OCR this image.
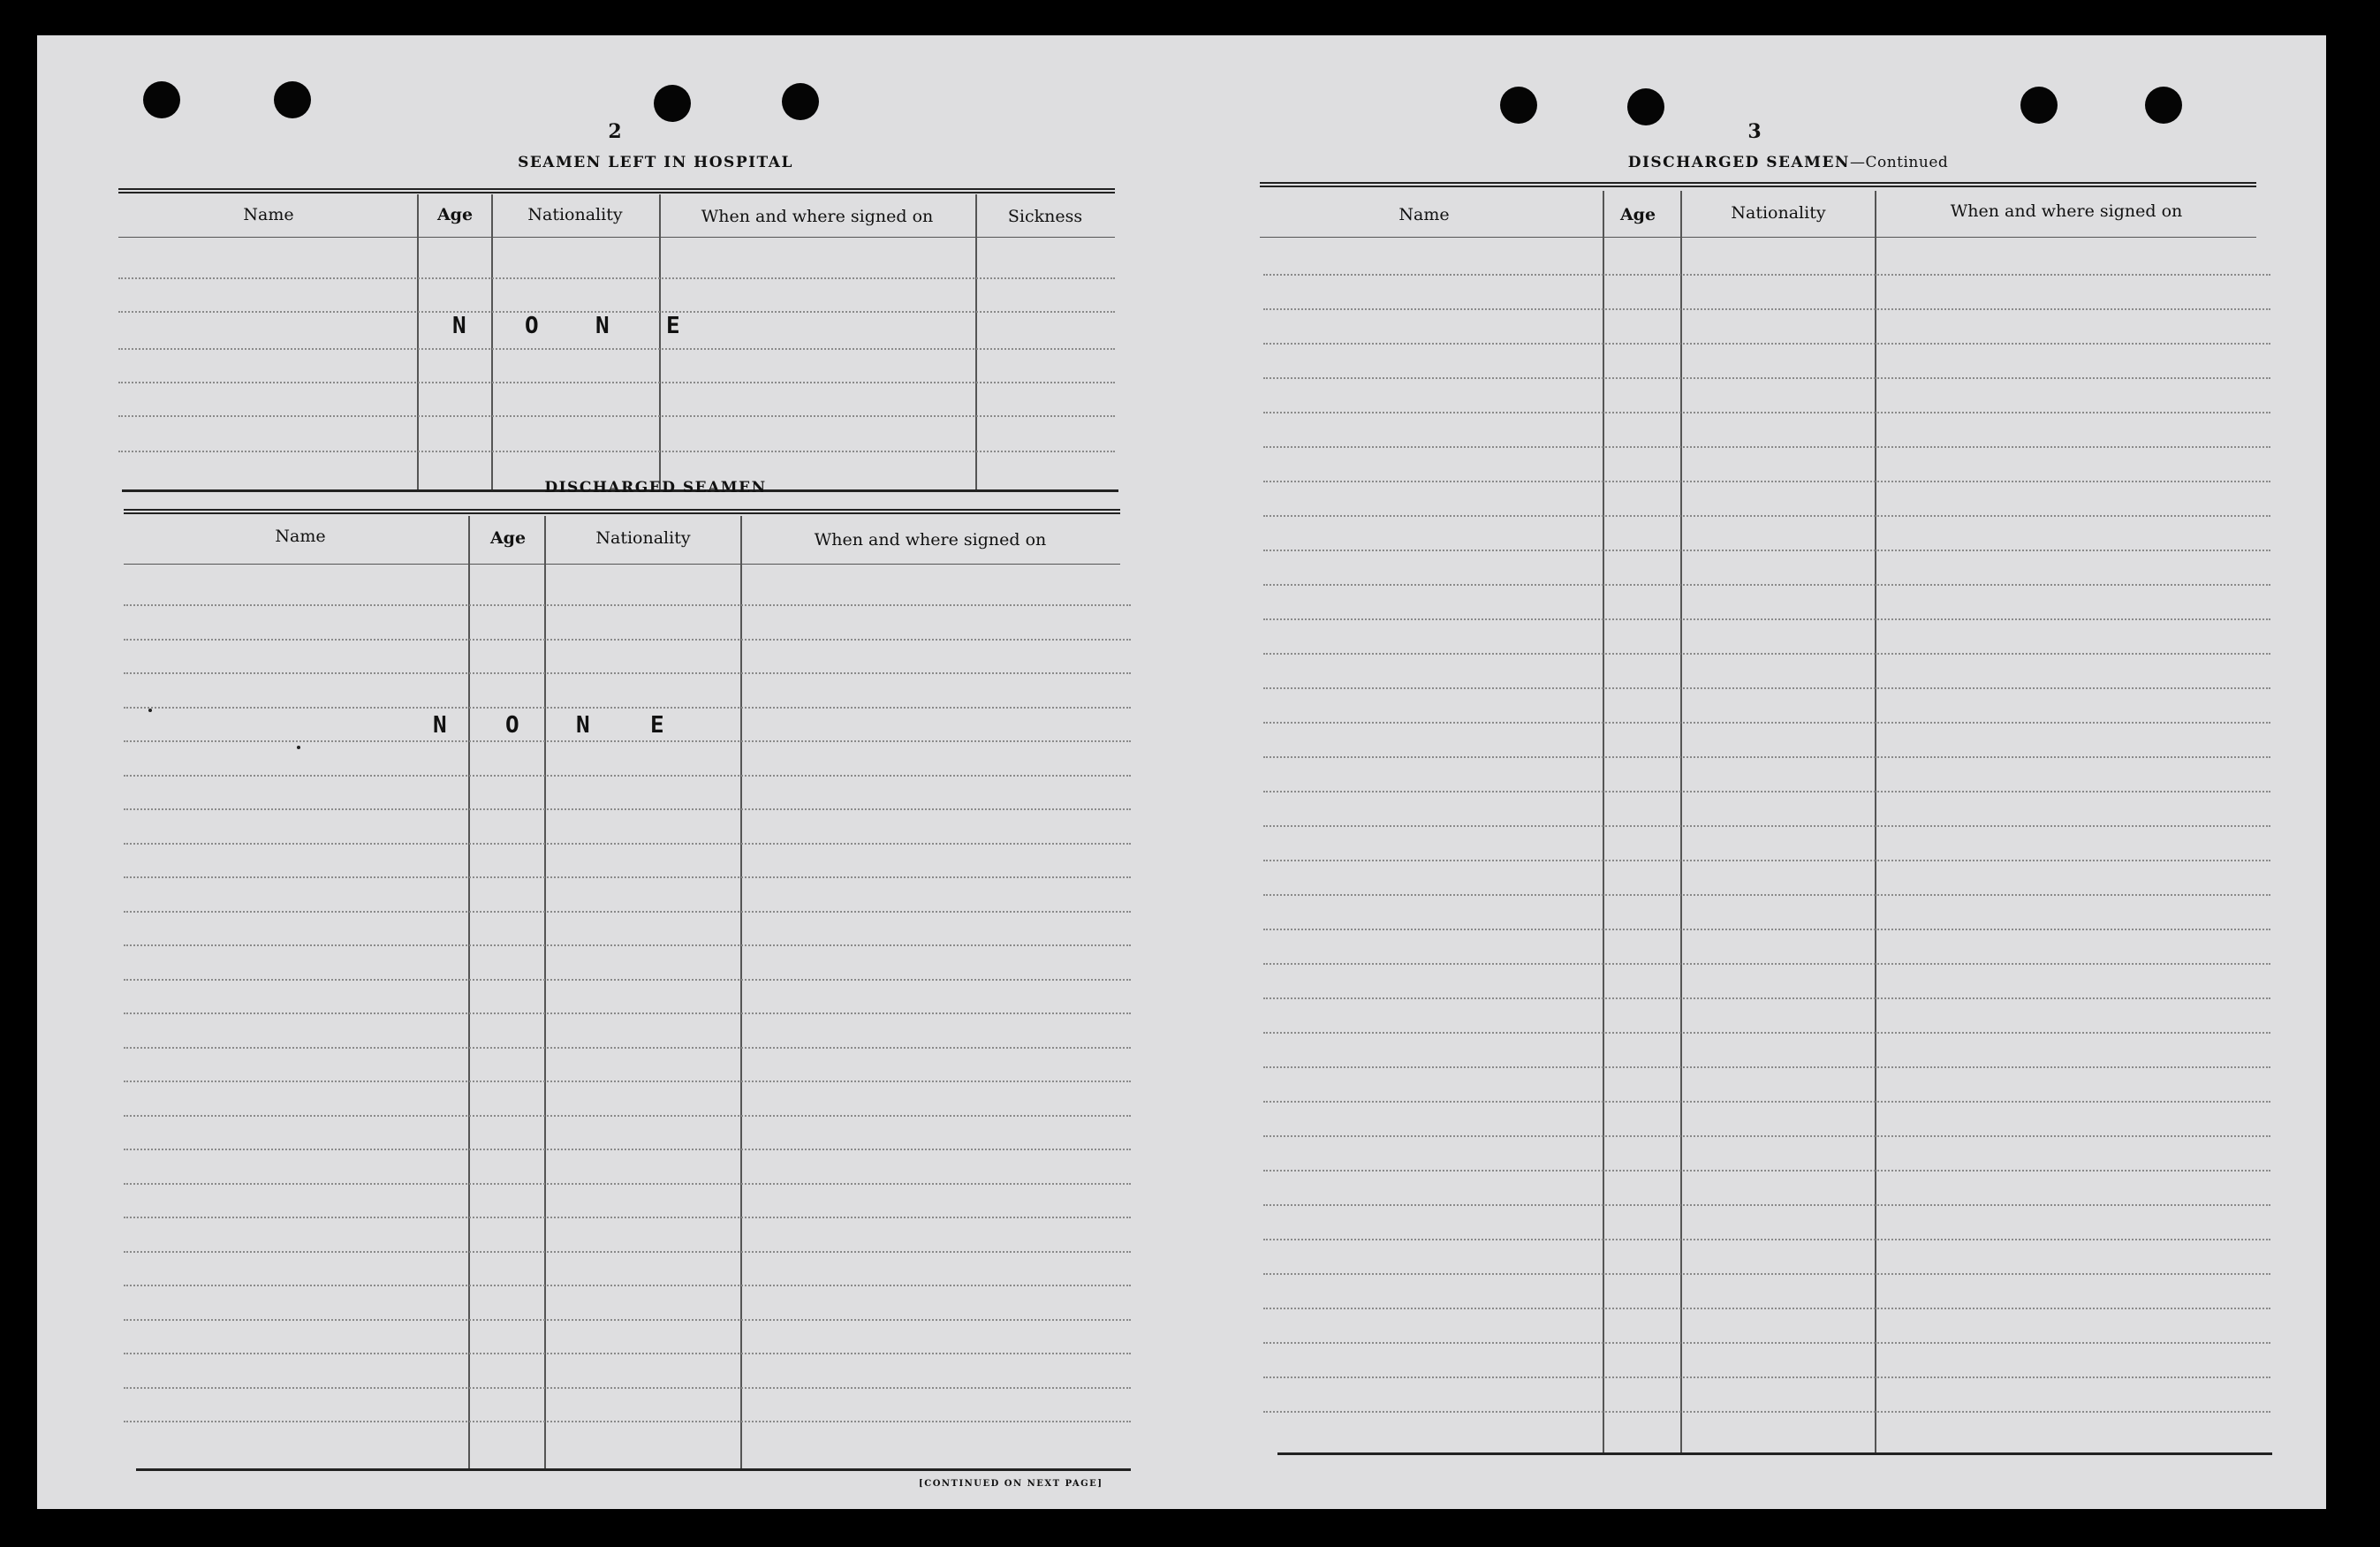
2
SEAMEN LEFT IN HOSPITAL
Name	Age	Nationality	When and where signed on	Sickness
N	O N E
DISCHARGED SEAMEN
Name	Age	Nationality	When and where signed on
N	O N	E
[CONTINUED ON NEXT PAGE]
3
DISCHARGED SEAMEN—Continued
Name	Age	Nationality	When and where signed on
